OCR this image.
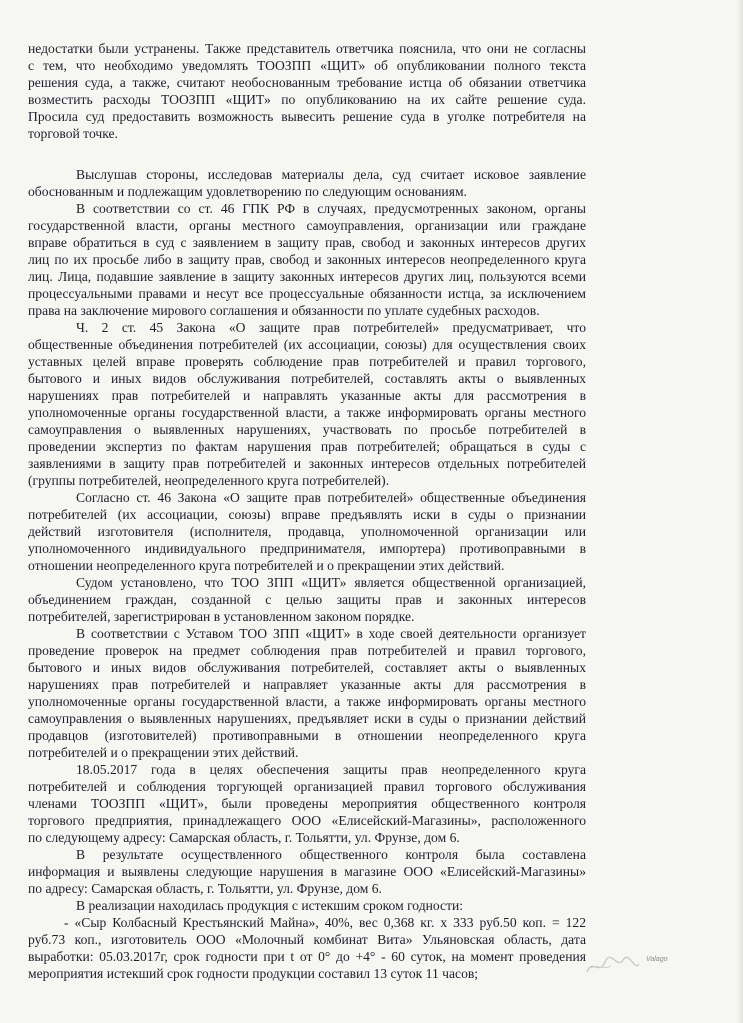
недостатки были устранены. Также представитель ответчика пояснила, что они не согласны
с тем, что необходимо уведомлять ТООЗПП «ЩИТ» об опубликовании полного текста
решения суда, а также, считают необоснованным требование истца об обязании ответчика
возместить расходы ТООЗПП «ЩИТ» по опубликованию на их сайте решение суда.
Просила суд предоставить возможность вывесить решение суда в уголке потребителя на
торговой точке.
Выслушав стороны, исследовав материалы дела, суд считает исковое заявление
обоснованным и подлежащим удовлетворению по следующим основаниям.
В соответствии со ст. 46 ГПК РФ в случаях, предусмотренных законом, органы
государственной власти, органы местного самоуправления, организации или граждане
вправе обратиться в суд с заявлением в защиту прав, свобод и законных интересов других
лиц по их просьбе либо в защиту прав, свобод и законных интересов неопределенного круга
лиц. Лица, подавшие заявление в защиту законных интересов других лиц, пользуются всеми
процессуальными правами и несут все процессуальные обязанности истца, за исключением
права на заключение мирового соглашения и обязанности по уплате судебных расходов.
Ч. 2 ст. 45 Закона «О защите прав потребителей» предусматривает, что
общественные объединения потребителей (их ассоциации, союзы) для осуществления своих
уставных целей вправе проверять соблюдение прав потребителей и правил торгового,
бытового и иных видов обслуживания потребителей, составлять акты о выявленных
нарушениях прав потребителей и направлять указанные акты для рассмотрения в
уполномоченные органы государственной власти, а также информировать органы местного
самоуправления о выявленных нарушениях, участвовать по просьбе потребителей в
проведении экспертиз по фактам нарушения прав потребителей; обращаться в суды с
заявлениями в защиту прав потребителей и законных интересов отдельных потребителей
(группы потребителей, неопределенного круга потребителей).
Согласно ст. 46 Закона «О защите прав потребителей» общественные объединения
потребителей (их ассоциации, союзы) вправе предъявлять иски в суды о признании
действий изготовителя (исполнителя, продавца, уполномоченной организации или
уполномоченного индивидуального предпринимателя, импортера) противоправными в
отношении неопределенного круга потребителей и о прекращении этих действий.
Судом установлено, что ТОО ЗПП «ЩИТ» является общественной организацией,
объединением граждан, созданной с целью защиты прав и законных интересов
потребителей, зарегистрирован в установленном законом порядке.
В соответствии с Уставом ТОО ЗПП «ЩИТ» в ходе своей деятельности организует
проведение проверок на предмет соблюдения прав потребителей и правил торгового,
бытового и иных видов обслуживания потребителей, составляет акты о выявленных
нарушениях прав потребителей и направляет указанные акты для рассмотрения в
уполномоченные органы государственной власти, а также информировать органы местного
самоуправления о выявленных нарушениях, предъявляет иски в суды о признании действий
продавцов (изготовителей) противоправными в отношении неопределенного круга
потребителей и о прекращении этих действий.
18.05.2017 года в целях обеспечения защиты прав неопределенного круга
потребителей и соблюдения торгующей организацией правил торгового обслуживания
членами ТООЗПП «ЩИТ», были проведены мероприятия общественного контроля
торгового предприятия, принадлежащего ООО «Елисейский-Магазины», расположенного
по следующему адресу: Самарская область, г. Тольятти, ул. Фрунзе, дом 6.
В результате осуществленного общественного контроля была составлена
информация и выявлены следующие нарушения в магазине ООО «Елисейский-Магазины»
по адресу: Самарская область, г. Тольятти, ул. Фрунзе, дом 6.
В реализации находилась продукция с истекшим сроком годности:
- «Сыр Колбасный Крестьянский Майна», 40%, вес 0,368 кг. х 333 руб.50 коп. = 122
руб.73 коп., изготовитель ООО «Молочный комбинат Вита» Ульяновская область, дата
выработки: 05.03.2017г, срок годности при t от 0° до +4° - 60 суток, на момент проведения
мероприятия истекший срок годности продукции составил 13 суток 11 часов;
Valago
